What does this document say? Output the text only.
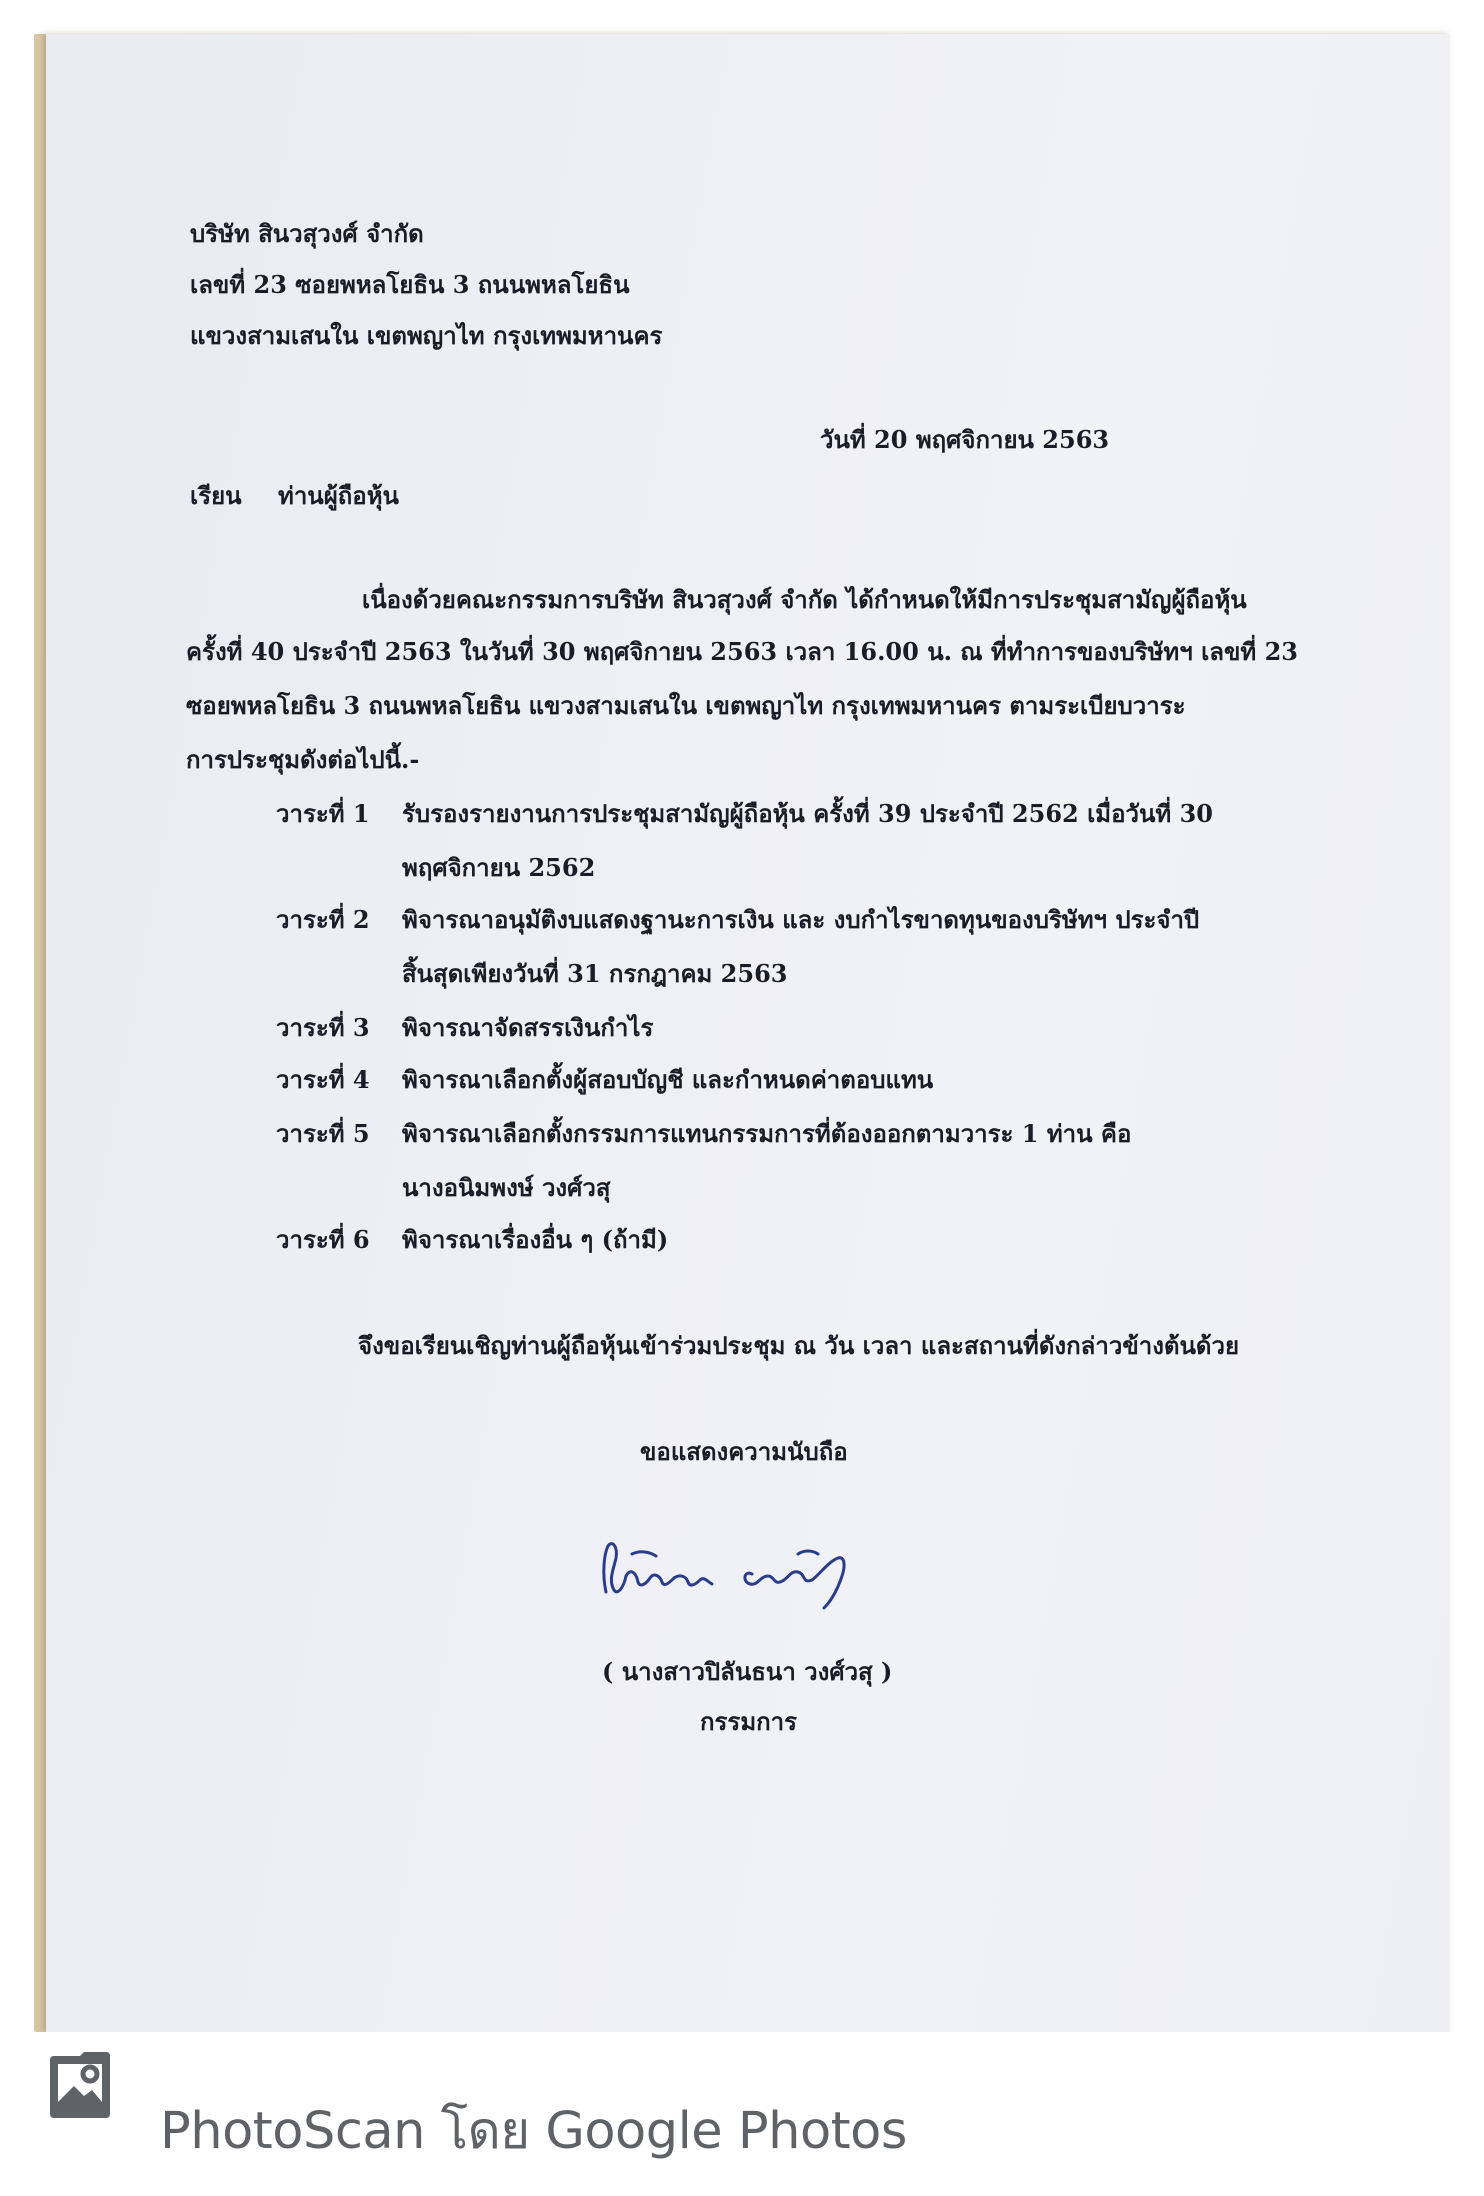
บริษัท สินวสุวงศ์ จำกัด
เลขที่ 23 ซอยพหลโยธิน 3 ถนนพหลโยธิน
แขวงสามเสนใน เขตพญาไท กรุงเทพมหานคร
วันที่ 20 พฤศจิกายน 2563
เรียน ท่านผู้ถือหุ้น
เนื่องด้วยคณะกรรมการบริษัท สินวสุวงศ์ จำกัด ได้กำหนดให้มีการประชุมสามัญผู้ถือหุ้น
ครั้งที่ 40 ประจำปี 2563 ในวันที่ 30 พฤศจิกายน 2563 เวลา 16.00 น. ณ ที่ทำการของบริษัทฯ เลขที่ 23
ซอยพหลโยธิน 3 ถนนพหลโยธิน แขวงสามเสนใน เขตพญาไท กรุงเทพมหานคร ตามระเบียบวาระ
การประชุมดังต่อไปนี้.-
วาระที่ 1 รับรองรายงานการประชุมสามัญผู้ถือหุ้น ครั้งที่ 39 ประจำปี 2562 เมื่อวันที่ 30
พฤศจิกายน 2562
วาระที่ 2 พิจารณาอนุมัติงบแสดงฐานะการเงิน และ งบกำไรขาดทุนของบริษัทฯ ประจำปี
สิ้นสุดเพียงวันที่ 31 กรกฎาคม 2563
วาระที่ 3 พิจารณาจัดสรรเงินกำไร
วาระที่ 4 พิจารณาเลือกตั้งผู้สอบบัญชี และกำหนดค่าตอบแทน
วาระที่ 5 พิจารณาเลือกตั้งกรรมการแทนกรรมการที่ต้องออกตามวาระ 1 ท่าน คือ
นางอนิมพงษ์ วงศ์วสุ
วาระที่ 6 พิจารณาเรื่องอื่น ๆ (ถ้ามี)
จึงขอเรียนเชิญท่านผู้ถือหุ้นเข้าร่วมประชุม ณ วัน เวลา และสถานที่ดังกล่าวข้างต้นด้วย
ขอแสดงความนับถือ
( นางสาวปิลันธนา วงศ์วสุ )
กรรมการ
PhotoScan โดย Google Photos
